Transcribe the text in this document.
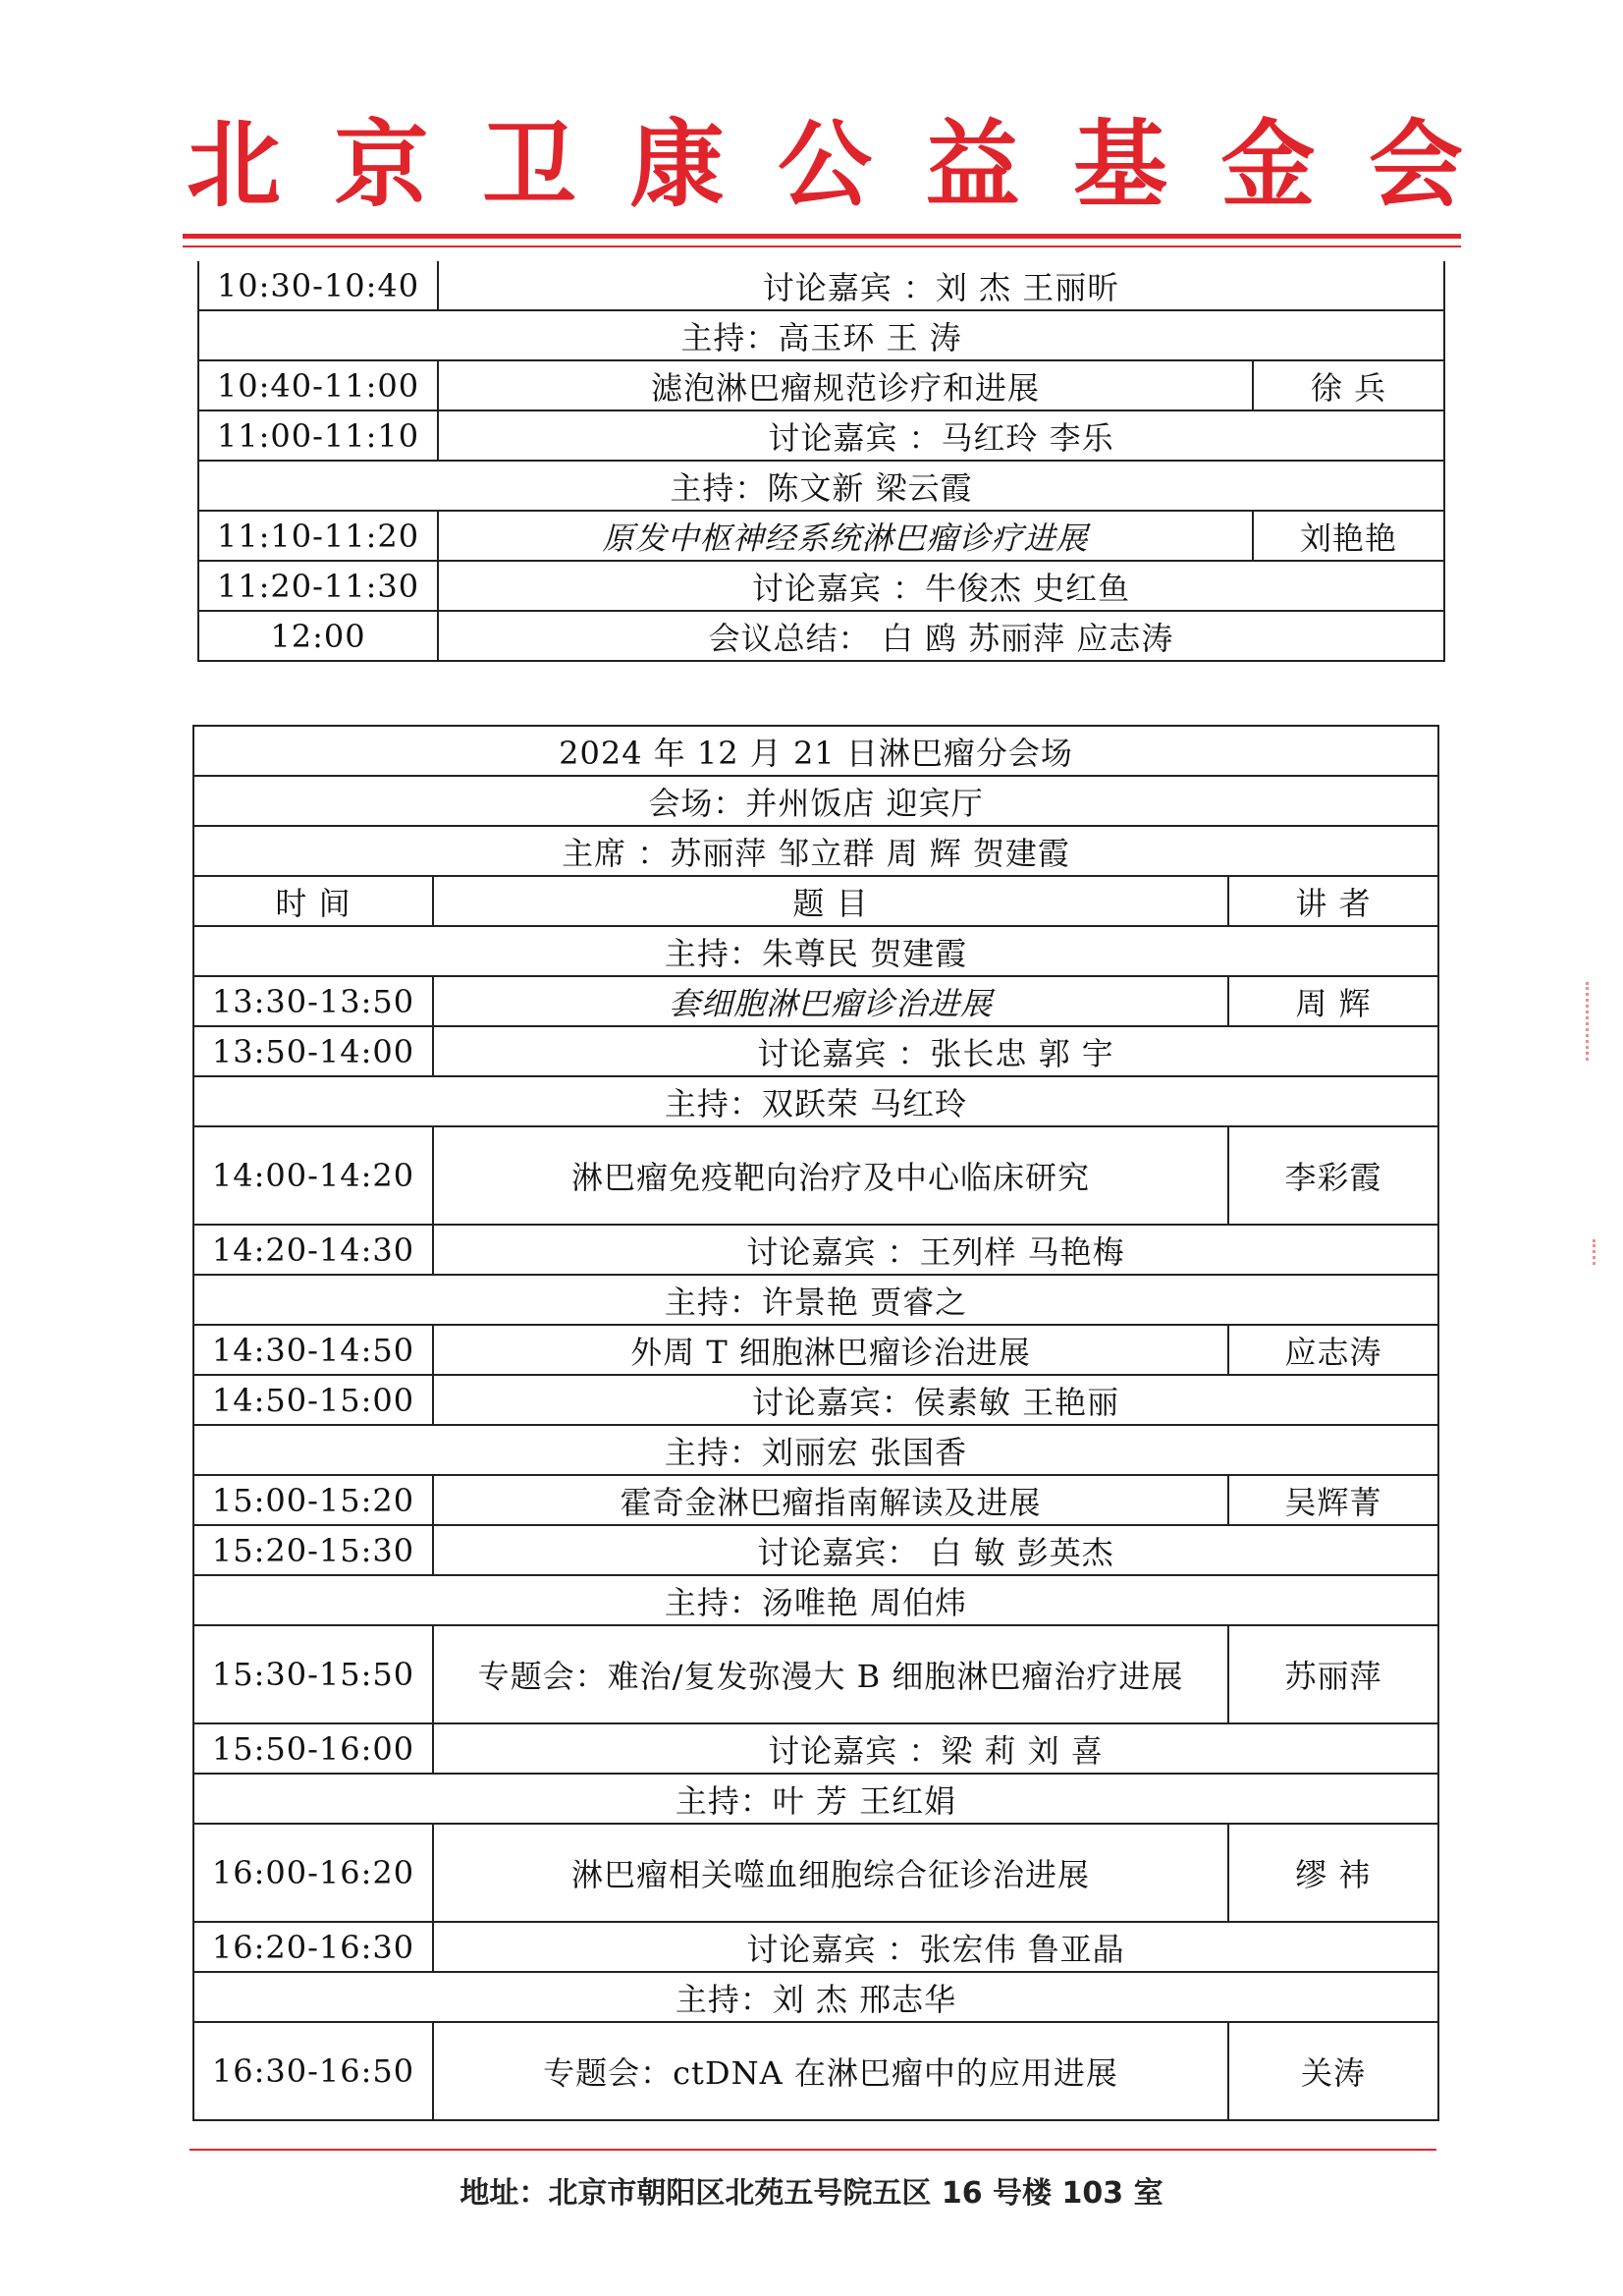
北 京 卫 康 公 益 基 金 会
10:30-10:40	讨论嘉宾 ：刘 杰 王丽昕	
主持：高玉环 王 涛		
10:40-11:00	滤泡淋巴瘤规范诊疗和进展	徐 兵
11:00-11:10	讨论嘉宾 ：马红玲 李乐	
主持：陈文新 梁云霞		
11:10-11:20	原发中枢神经系统淋巴瘤诊疗进展	刘艳艳
11:20-11:30	讨论嘉宾 ：牛俊杰 史红鱼	
12:00	会议总结： 白 鸥 苏丽萍 应志涛	
2024 年 12 月 21 日淋巴瘤分会场		
会场：并州饭店 迎宾厅		
主席 ：苏丽萍 邹立群 周 辉 贺建霞		
时 间	题 目	讲 者
主持：朱尊民 贺建霞		
13:30-13:50	套细胞淋巴瘤诊治进展	周 辉
13:50-14:00	讨论嘉宾 ：张长忠 郭 宇	
主持：双跃荣 马红玲		
14:00-14:20	淋巴瘤免疫靶向治疗及中心临床研究	李彩霞
14:20-14:30	讨论嘉宾 ：王列样 马艳梅	
主持：许景艳 贾睿之		
14:30-14:50	外周 T 细胞淋巴瘤诊治进展	应志涛
14:50-15:00	讨论嘉宾：侯素敏 王艳丽	
主持：刘丽宏 张国香		
15:00-15:20	霍奇金淋巴瘤指南解读及进展	吴辉菁
15:20-15:30	讨论嘉宾： 白 敏 彭英杰	
主持：汤唯艳 周伯炜		
15:30-15:50	专题会：难治/复发弥漫大 B 细胞淋巴瘤治疗进展	苏丽萍
15:50-16:00	讨论嘉宾 ：梁 莉 刘 喜	
主持：叶 芳 王红娟		
16:00-16:20	淋巴瘤相关噬血细胞综合征诊治进展	缪 祎
16:20-16:30	讨论嘉宾 ：张宏伟 鲁亚晶	
主持：刘 杰 邢志华		
16:30-16:50	专题会：ctDNA 在淋巴瘤中的应用进展	关涛
地址：北京市朝阳区北苑五号院五区 16 号楼 103 室
